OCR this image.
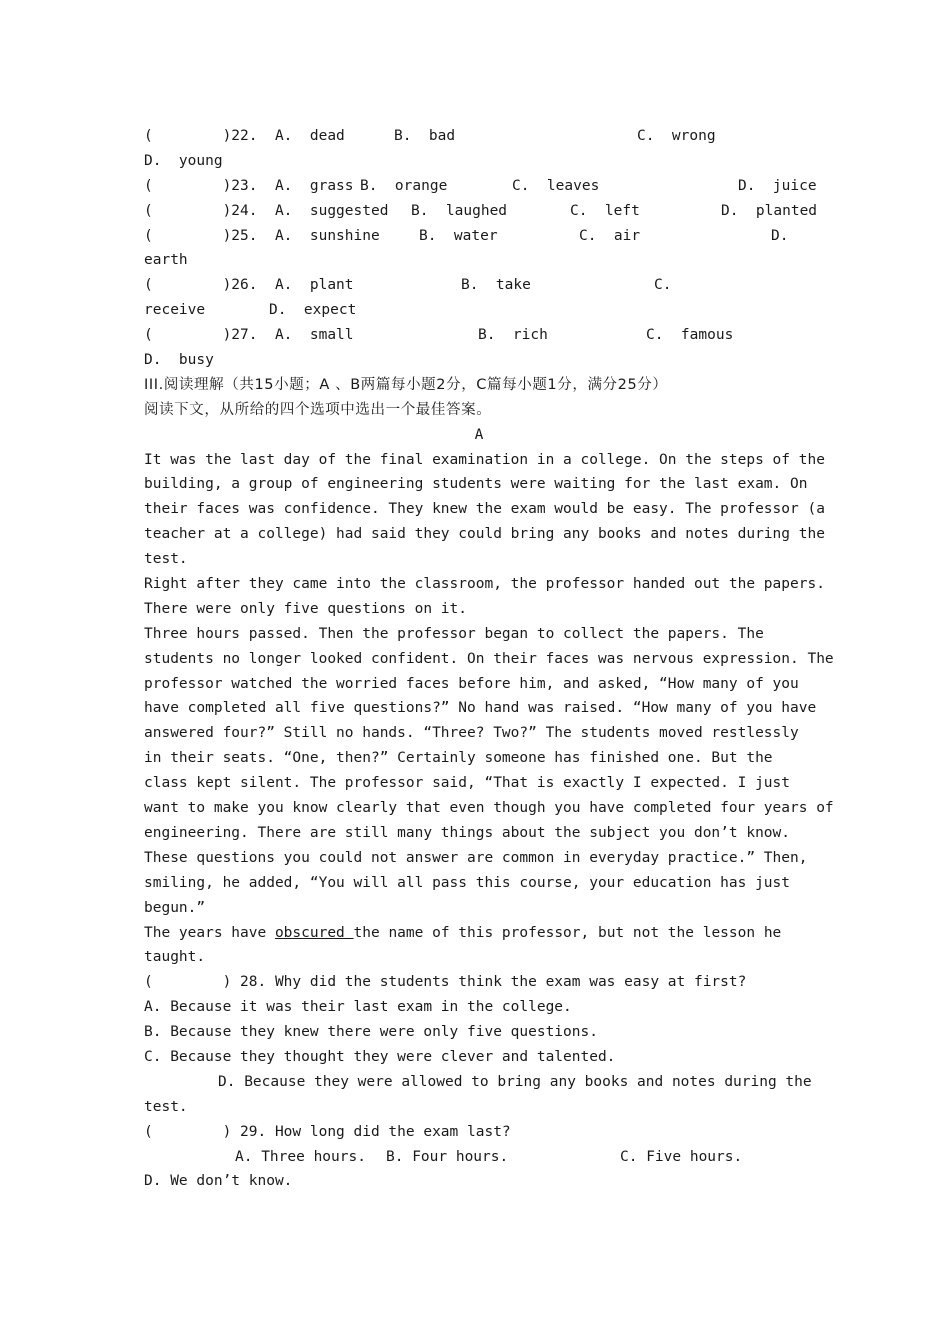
(        )22.  A.  dead

	B.  bad

	C.  wrong

D.  young

(        )23.  A.  grass

B.  orange

	C.  leaves

	D.  juice

(        )24.  A.  suggested

B.  laughed

	C.  left

	D.  planted

(        )25.  A.  sunshine

	B.  water

	C.  air

	D.

earth

(        )26.  A.  plant

	B.  take

	C.

receive

	D.  expect

(        )27.  A.  small

	B.  rich

	C.  famous

D.  busy

III.阅读理解（共15小题；A 、B两篇每小题2分，C篇每小题1分，满分25分）
阅读下文，从所给的四个选项中选出一个最佳答案。
A
It was the last day of the final examination in a college. On the steps of the
building, a group of engineering students were waiting for the last exam. On
their faces was confidence. They knew the exam would be easy. The professor (a
teacher at a college) had said they could bring any books and notes during the
test.
Right after they came into the classroom, the professor handed out the papers.
There were only five questions on it.
Three hours passed. Then the professor began to collect the papers. The
students no longer looked confident. On their faces was nervous expression. The
professor watched the worried faces before him, and asked, “How many of you
have completed all five questions?” No hand was raised. “How many of you have
answered four?” Still no hands. “Three? Two?” The students moved restlessly
in their seats. “One, then?” Certainly someone has finished one. But the
class kept silent. The professor said, “That is exactly I expected. I just
want to make you know clearly that even though you have completed four years of
engineering. There are still many things about the subject you don’t know.
These questions you could not answer are common in everyday practice.” Then,
smiling, he added, “You will all pass this course, your education has just
begun.”
The years have obscured the name of this professor, but not the lesson he
taught.
(        ) 28. Why did the students think the exam was easy at first?
A. Because it was their last exam in the college.
B. Because they knew there were only five questions.
C. Because they thought they were clever and talented.

D. Because they were allowed to bring any books and notes during the

test.
(        ) 29. How long did the exam last?

A. Three hours.

B. Four hours.

	C. Five hours.

D. We don’t know.
